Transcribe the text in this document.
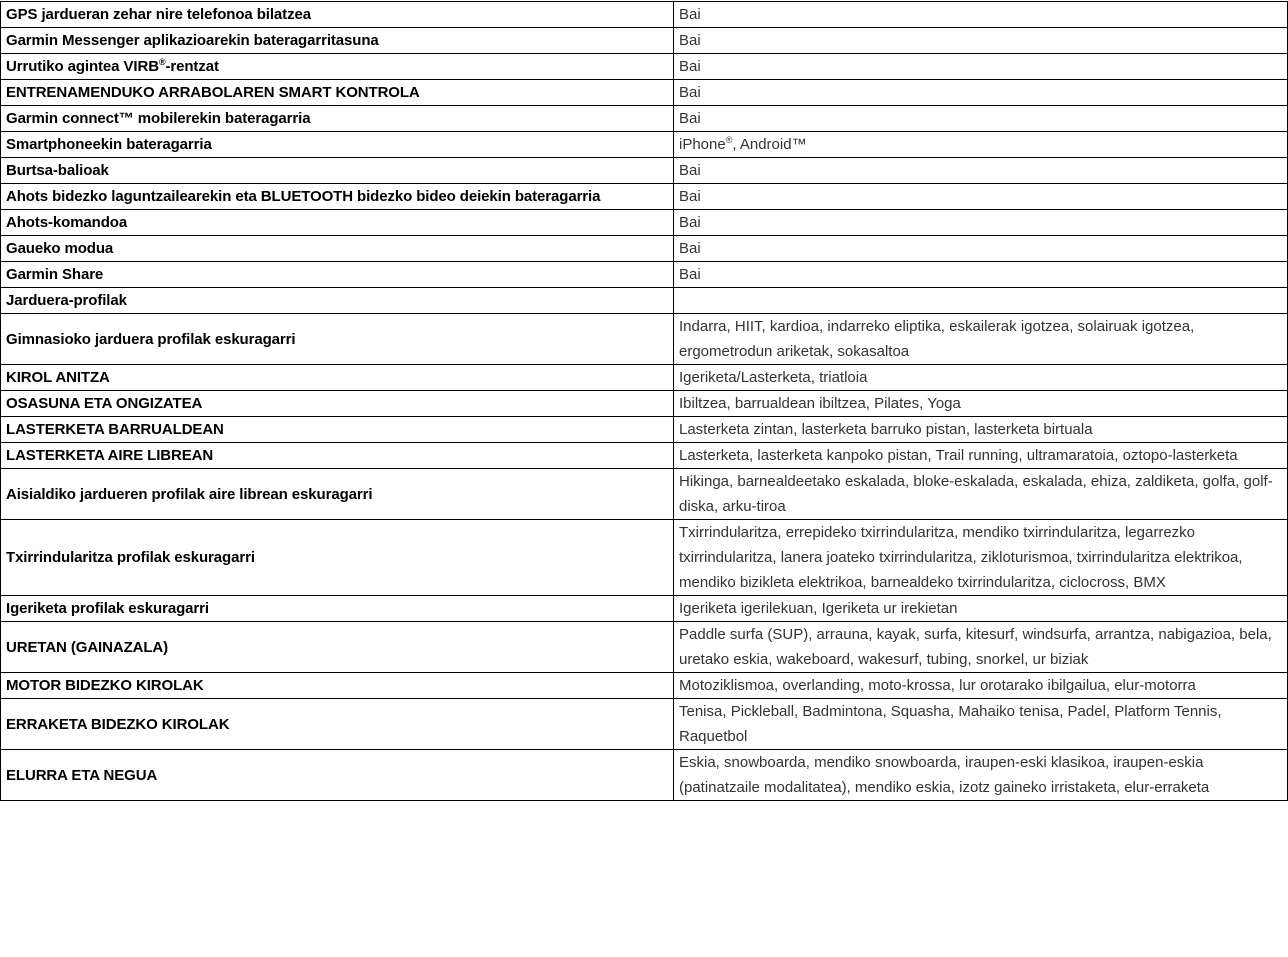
GPS jardueran zehar nire telefonoa bilatzea	Bai
Garmin Messenger aplikazioarekin bateragarritasuna	Bai
Urrutiko agintea VIRB®-rentzat	Bai
ENTRENAMENDUKO ARRABOLAREN SMART KONTROLA	Bai
Garmin connect™ mobilerekin bateragarria	Bai
Smartphoneekin bateragarria	iPhone®, Android™
Burtsa-balioak	Bai
Ahots bidezko laguntzailearekin eta BLUETOOTH bidezko bideo deiekin bateragarria	Bai
Ahots-komandoa	Bai
Gaueko modua	Bai
Garmin Share	Bai
Jarduera-profilak	
Gimnasioko jarduera profilak eskuragarri	Indarra, HIIT, kardioa, indarreko eliptika, eskailerak igotzea, solairuak igotzea, ergometrodun ariketak, sokasaltoa
KIROL ANITZA	Igeriketa/Lasterketa, triatloia
OSASUNA ETA ONGIZATEA	Ibiltzea, barrualdean ibiltzea, Pilates, Yoga
LASTERKETA BARRUALDEAN	Lasterketa zintan, lasterketa barruko pistan, lasterketa birtuala
LASTERKETA AIRE LIBREAN	Lasterketa, lasterketa kanpoko pistan, Trail running, ultramaratoia, oztopo-lasterketa
Aisialdiko jardueren profilak aire librean eskuragarri	Hikinga, barnealdeetako eskalada, bloke-eskalada, eskalada, ehiza, zaldiketa, golfa, golf-diska, arku-tiroa
Txirrindularitza profilak eskuragarri	Txirrindularitza, errepideko txirrindularitza, mendiko txirrindularitza, legarrezko txirrindularitza, lanera joateko txirrindularitza, zikloturismoa, txirrindularitza elektrikoa, mendiko bizikleta elektrikoa, barnealdeko txirrindularitza, ciclocross, BMX
Igeriketa profilak eskuragarri	Igeriketa igerilekuan, Igeriketa ur irekietan
URETAN (GAINAZALA)	Paddle surfa (SUP), arrauna, kayak, surfa, kitesurf, windsurfa, arrantza, nabigazioa, bela, uretako eskia, wakeboard, wakesurf, tubing, snorkel, ur biziak
MOTOR BIDEZKO KIROLAK	Motoziklismoa, overlanding, moto-krossa, lur orotarako ibilgailua, elur-motorra
ERRAKETA BIDEZKO KIROLAK	Tenisa, Pickleball, Badmintona, Squasha, Mahaiko tenisa, Padel, Platform Tennis, Raquetbol
ELURRA ETA NEGUA	Eskia, snowboarda, mendiko snowboarda, iraupen-eski klasikoa, iraupen-eskia (patinatzaile modalitatea), mendiko eskia, izotz gaineko irristaketa, elur-erraketa
